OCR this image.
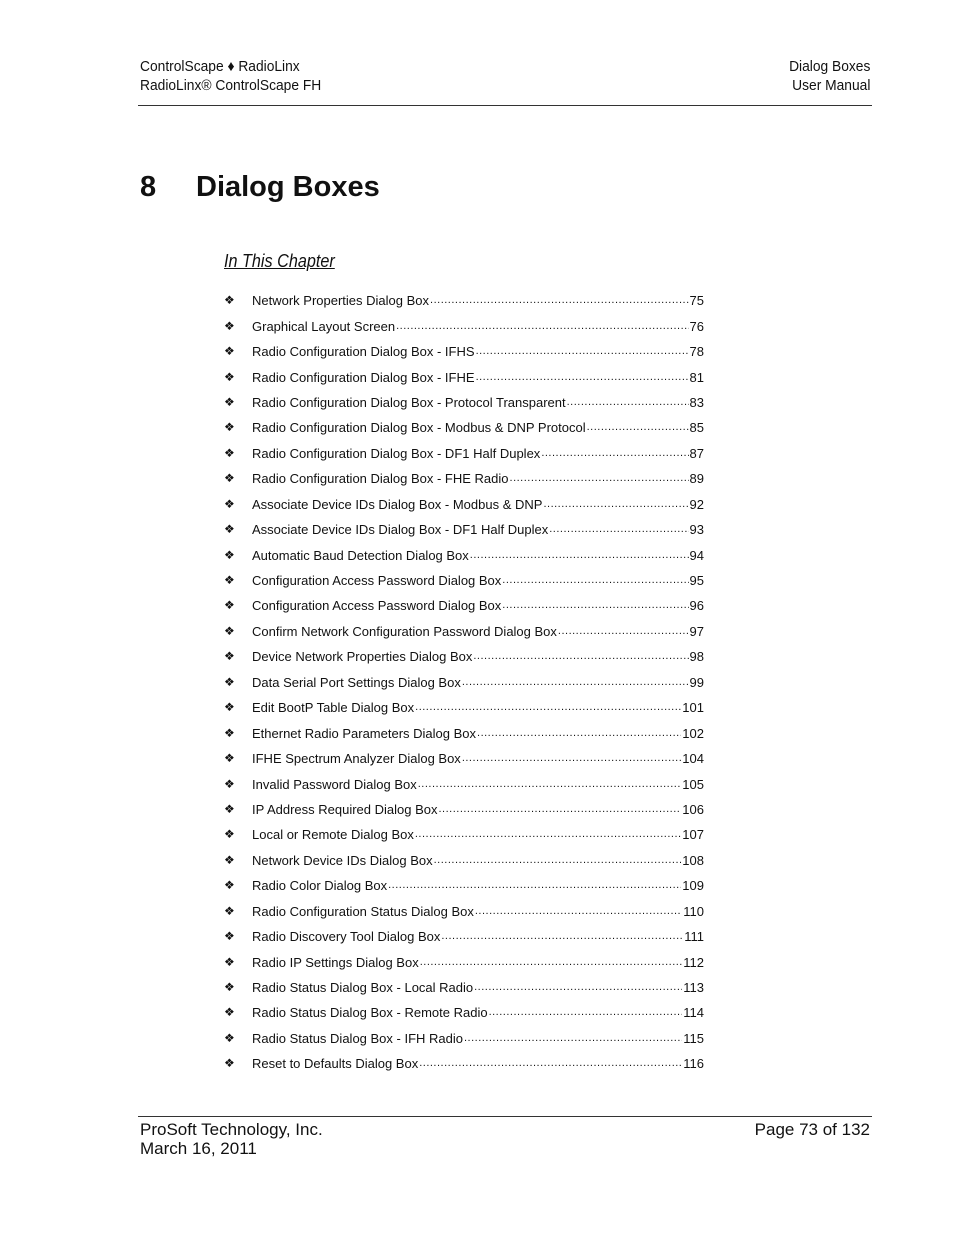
ControlScape ♦ RadioLinx
RadioLinx® ControlScape FH
Dialog Boxes
User Manual
8 Dialog Boxes
In This Chapter
❖	Network Properties Dialog Box .....	75
❖	Graphical Layout Screen .....	76
❖	Radio Configuration Dialog Box - IFHS .....	78
❖	Radio Configuration Dialog Box - IFHE .....	81
❖	Radio Configuration Dialog Box - Protocol Transparent .....	83
❖	Radio Configuration Dialog Box - Modbus & DNP Protocol .....	85
❖	Radio Configuration Dialog Box - DF1 Half Duplex .....	87
❖	Radio Configuration Dialog Box - FHE Radio .....	89
❖	Associate Device IDs Dialog Box - Modbus & DNP .....	92
❖	Associate Device IDs Dialog Box - DF1 Half Duplex .....	93
❖	Automatic Baud Detection Dialog Box .....	94
❖	Configuration Access Password Dialog Box .....	95
❖	Configuration Access Password Dialog Box .....	96
❖	Confirm Network Configuration Password Dialog Box .....	97
❖	Device Network Properties Dialog Box .....	98
❖	Data Serial Port Settings Dialog Box .....	99
❖	Edit BootP Table Dialog Box .....	101
❖	Ethernet Radio Parameters Dialog Box .....	102
❖	IFHE Spectrum Analyzer Dialog Box .....	104
❖	Invalid Password Dialog Box .....	105
❖	IP Address Required Dialog Box .....	106
❖	Local or Remote Dialog Box .....	107
❖	Network Device IDs Dialog Box .....	108
❖	Radio Color Dialog Box .....	109
❖	Radio Configuration Status Dialog Box .....	110
❖	Radio Discovery Tool Dialog Box .....	111
❖	Radio IP Settings Dialog Box .....	112
❖	Radio Status Dialog Box - Local Radio .....	113
❖	Radio Status Dialog Box - Remote Radio .....	114
❖	Radio Status Dialog Box - IFH Radio .....	115
❖	Reset to Defaults Dialog Box .....	116
ProSoft Technology, Inc.
March 16, 2011
Page 73 of 132
